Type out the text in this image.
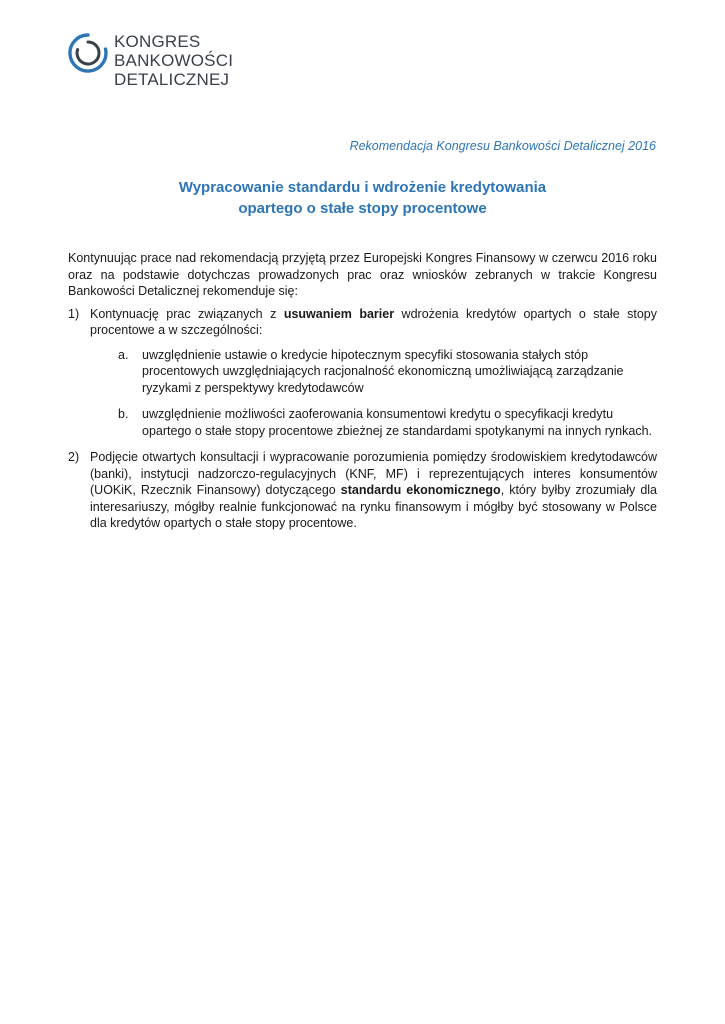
KONGRES
BANKOWOŚCI
DETALICZNEJ
Rekomendacja Kongresu Bankowości Detalicznej 2016
Wypracowanie standardu i wdrożenie kredytowania
opartego o stałe stopy procentowe

Kontynuując prace nad rekomendacją przyjętą przez Europejski Kongres Finansowy w czerwcu 2016 roku oraz na podstawie dotychczas prowadzonych prac oraz wniosków zebranych w trakcie Kongresu Bankowości Detalicznej rekomenduje się:

1) Kontynuację prac związanych z usuwaniem barier wdrożenia kredytów opartych o stałe stopy procentowe a w szczególności:
a. uwzględnienie ustawie o kredycie hipotecznym specyfiki stosowania stałych stóp procentowych uwzględniających racjonalność ekonomiczną umożliwiającą zarządzanie ryzykami z perspektywy kredytodawców
b. uwzględnienie możliwości zaoferowania konsumentowi kredytu o specyfikacji kredytu opartego o stałe stopy procentowe zbieżnej ze standardami spotykanymi na innych rynkach.
2) Podjęcie otwartych konsultacji i wypracowanie porozumienia pomiędzy środowiskiem kredytodawców (banki), instytucji nadzorczo-regulacyjnych (KNF, MF) i reprezentujących interes konsumentów (UOKiK, Rzecznik Finansowy) dotyczącego standardu ekonomicznego, który byłby zrozumiały dla interesariuszy, mógłby realnie funkcjonować na rynku finansowym i mógłby być stosowany w Polsce dla kredytów opartych o stałe stopy procentowe.
